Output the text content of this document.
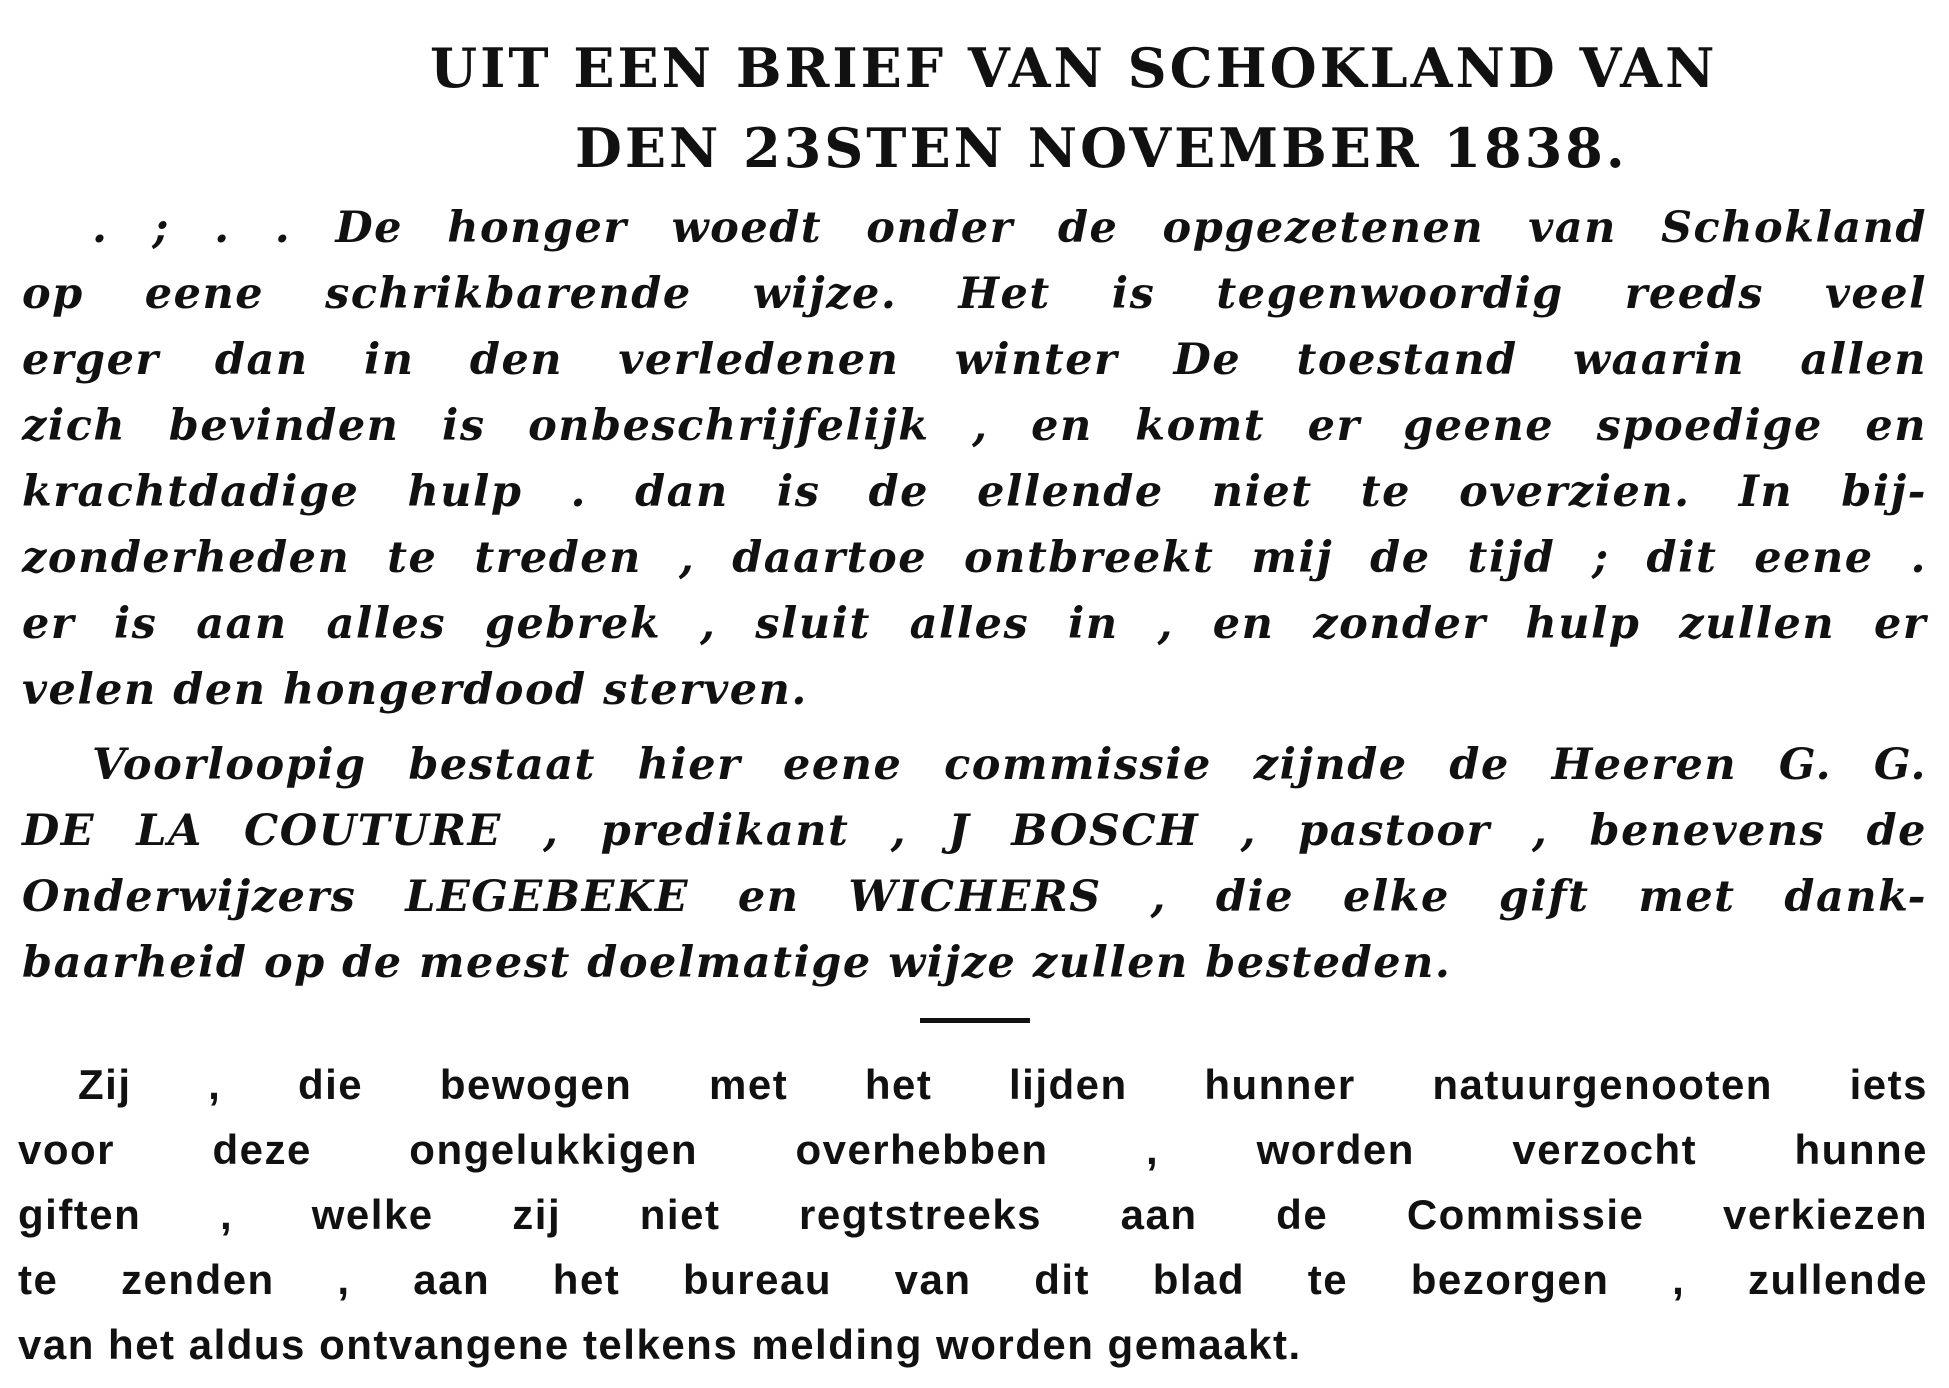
UIT EEN BRIEF VAN SCHOKLAND VAN
DEN 23STEN NOVEMBER 1838.
. ; . . De honger woedt onder de opgezetenen van Schokland
op eene schrikbarende wijze. Het is tegenwoordig reeds veel
erger dan in den verledenen winter De toestand waarin allen
zich bevinden is onbeschrijfelijk , en komt er geene spoedige en
krachtdadige hulp . dan is de ellende niet te overzien. In bij-
zonderheden te treden , daartoe ontbreekt mij de tijd ; dit eene .
er is aan alles gebrek , sluit alles in , en zonder hulp zullen er
velen den hongerdood sterven.
Voorloopig bestaat hier eene commissie zijnde de Heeren G. G.
DE LA COUTURE , predikant , J BOSCH , pastoor , benevens de
Onderwijzers LEGEBEKE en WICHERS , die elke gift met dank-
baarheid op de meest doelmatige wijze zullen besteden.
Zij , die bewogen met het lijden hunner natuurgenooten iets
voor deze ongelukkigen overhebben , worden verzocht hunne
giften , welke zij niet regtstreeks aan de Commissie verkiezen
te zenden , aan het bureau van dit blad te bezorgen , zullende
van het aldus ontvangene telkens melding worden gemaakt.
